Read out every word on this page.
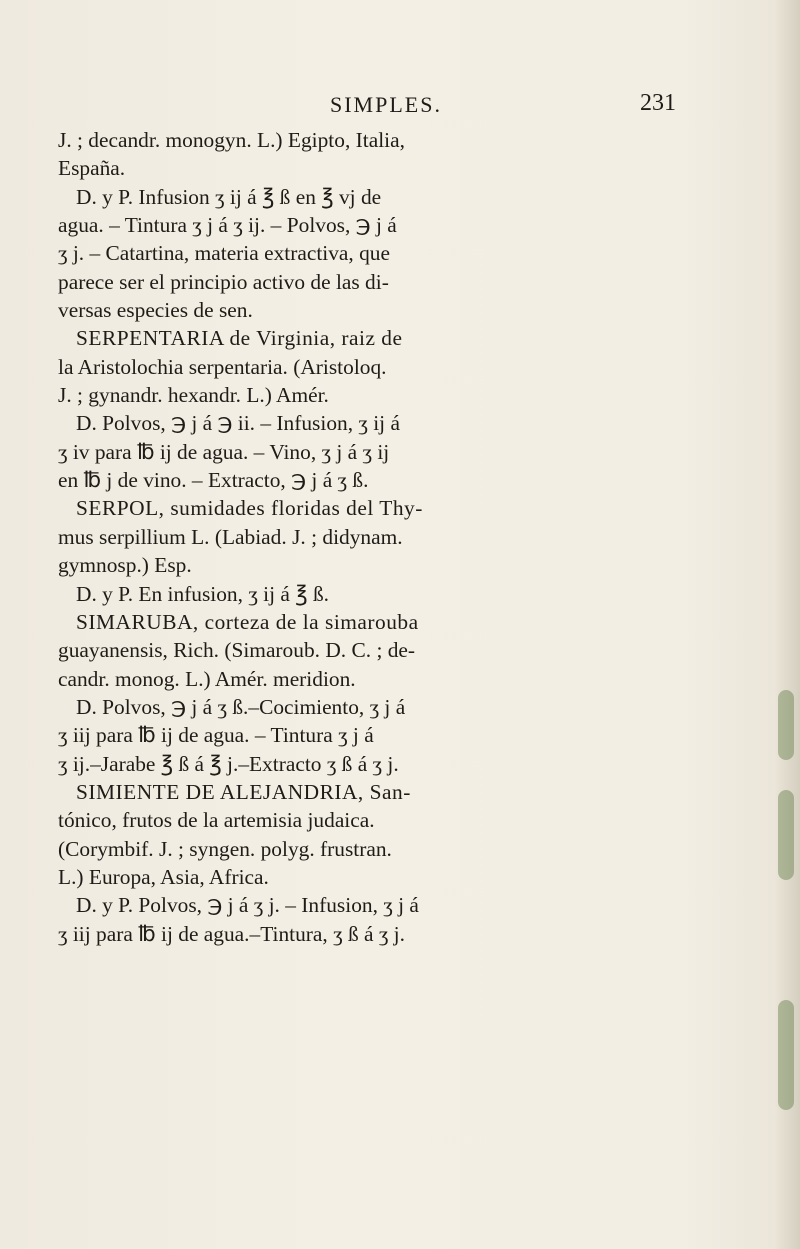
SIMPLES.	231

J. ; decandr. monogyn. L.) Egipto, Italia,
España.

D. y P. Infusion ʒ ij á ℥ ß en ℥ vj de
agua. – Tintura ʒ j á ʒ ij. – Polvos, ℈ j á
ʒ j. – Catartina, materia extractiva, que
parece ser el principio activo de las di-
versas especies de sen.

SERPENTARIA de Virginia, raiz de
la Aristolochia serpentaria. (Aristoloq.
J. ; gynandr. hexandr. L.) Amér.

D. Polvos, ℈ j á ℈ ii. – Infusion, ʒ ij á
ʒ iv para ℔ ij de agua. – Vino, ʒ j á ʒ ij
en ℔ j de vino. – Extracto, ℈ j á ʒ ß.

SERPOL, sumidades floridas del Thy-
mus serpillium L. (Labiad. J. ; didynam.
gymnosp.) Esp.

D. y P. En infusion, ʒ ij á ℥ ß.

SIMARUBA, corteza de la simarouba
guayanensis, Rich. (Simaroub. D. C. ; de-
candr. monog. L.) Amér. meridion.

D. Polvos, ℈ j á ʒ ß.–Cocimiento, ʒ j á
ʒ iij para ℔ ij de agua. – Tintura ʒ j á
ʒ ij.–Jarabe ℥ ß á ℥ j.–Extracto ʒ ß á ʒ j.

SIMIENTE DE ALEJANDRIA, San-
tónico, frutos de la artemisia judaica.
(Corymbif. J. ; syngen. polyg. frustran.
L.) Europa, Asia, Africa.

D. y P. Polvos, ℈ j á ʒ j. – Infusion, ʒ j á
ʒ iij para ℔ ij de agua.–Tintura, ʒ ß á ʒ j.
